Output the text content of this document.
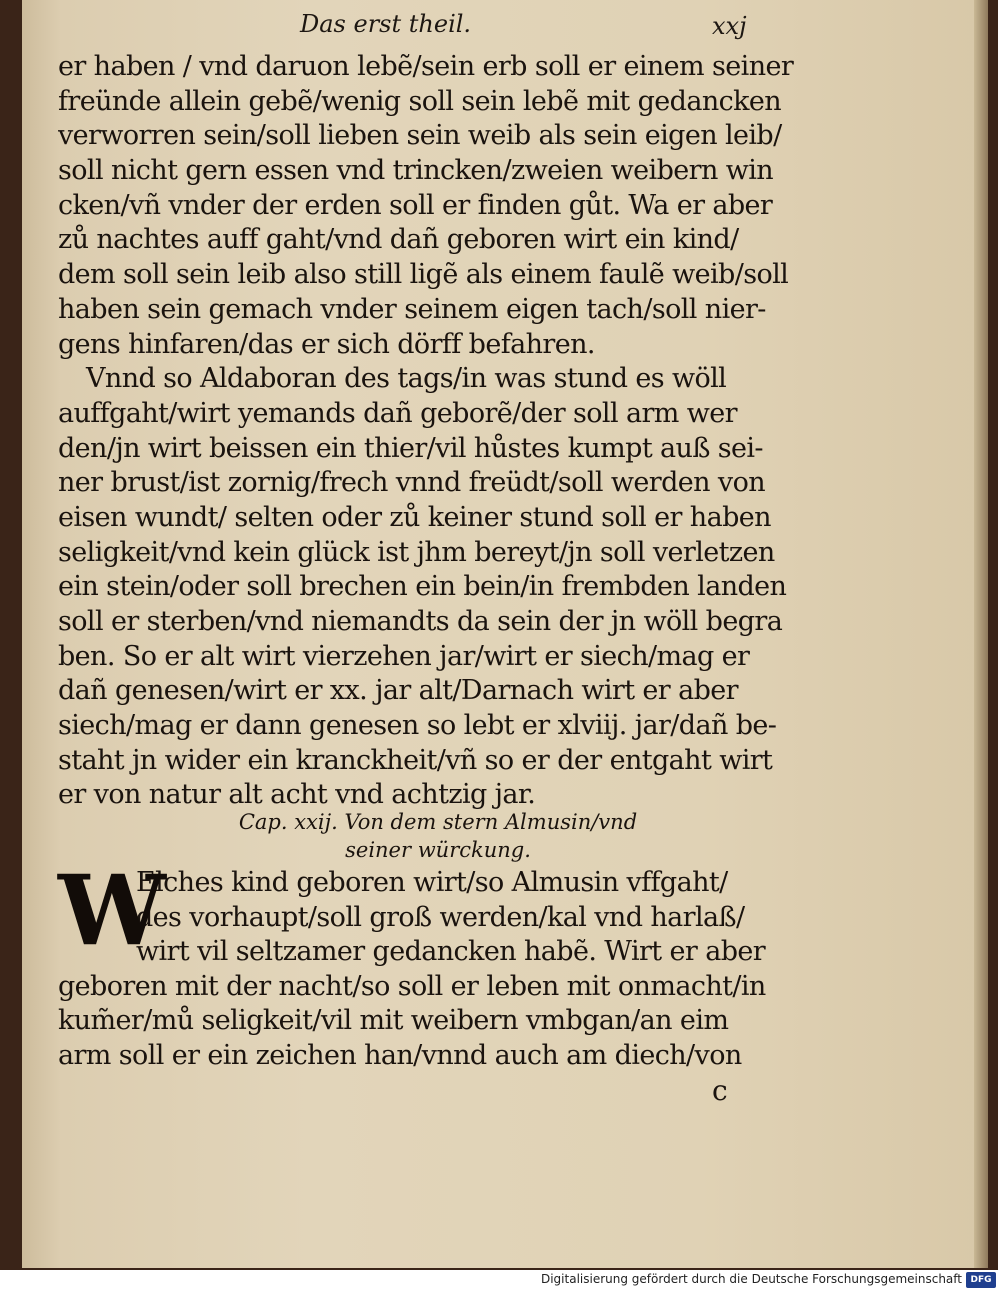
Das erst theil.	xxj
er haben / vnd daruon lebẽ/sein erb soll er einem seiner
freünde allein gebẽ/wenig soll sein lebẽ mit gedancken
verworren sein/soll lieben sein weib als sein eigen leib/
soll nicht gern essen vnd trincken/zweien weibern win
cken/vñ vnder der erden soll er finden gůt. Wa er aber
zů nachtes auff gaht/vnd dañ geboren wirt ein kind/
dem soll sein leib also still ligẽ als einem faulẽ weib/soll
haben sein gemach vnder seinem eigen tach/soll nier-
gens hinfaren/das er sich dörff befahren.
Vnnd so Aldaboran des tags/in was stund es wöll
auffgaht/wirt yemands dañ geborẽ/der soll arm wer
den/jn wirt beissen ein thier/vil hůstes kumpt auß sei-
ner brust/ist zornig/frech vnnd freüdt/soll werden von
eisen wundt/ selten oder zů keiner stund soll er haben
seligkeit/vnd kein glück ist jhm bereyt/jn soll verletzen
ein stein/oder soll brechen ein bein/in frembden landen
soll er sterben/vnd niemandts da sein der jn wöll begra
ben. So er alt wirt vierzehen jar/wirt er siech/mag er
dañ genesen/wirt er xx. jar alt/Darnach wirt er aber
siech/mag er dann genesen so lebt er xlviij. jar/dañ be-
staht jn wider ein kranckheit/vñ so er der entgaht wirt
er von natur alt acht vnd achtzig jar.
Cap. xxij. Von dem stern Almusin/vnd
seiner würckung.
W
Elches kind geboren wirt/so Almusin vffgaht/
des vorhaupt/soll groß werden/kal vnd harlaß/
wirt vil seltzamer gedancken habẽ. Wirt er aber
geboren mit der nacht/so soll er leben mit onmacht/in
kum̃er/mů seligkeit/vil mit weibern vmbgan/an eim
arm soll er ein zeichen han/vnnd auch am diech/von
c
Digitalisierung gefördert durch die Deutsche Forschungsgemeinschaft DFG
